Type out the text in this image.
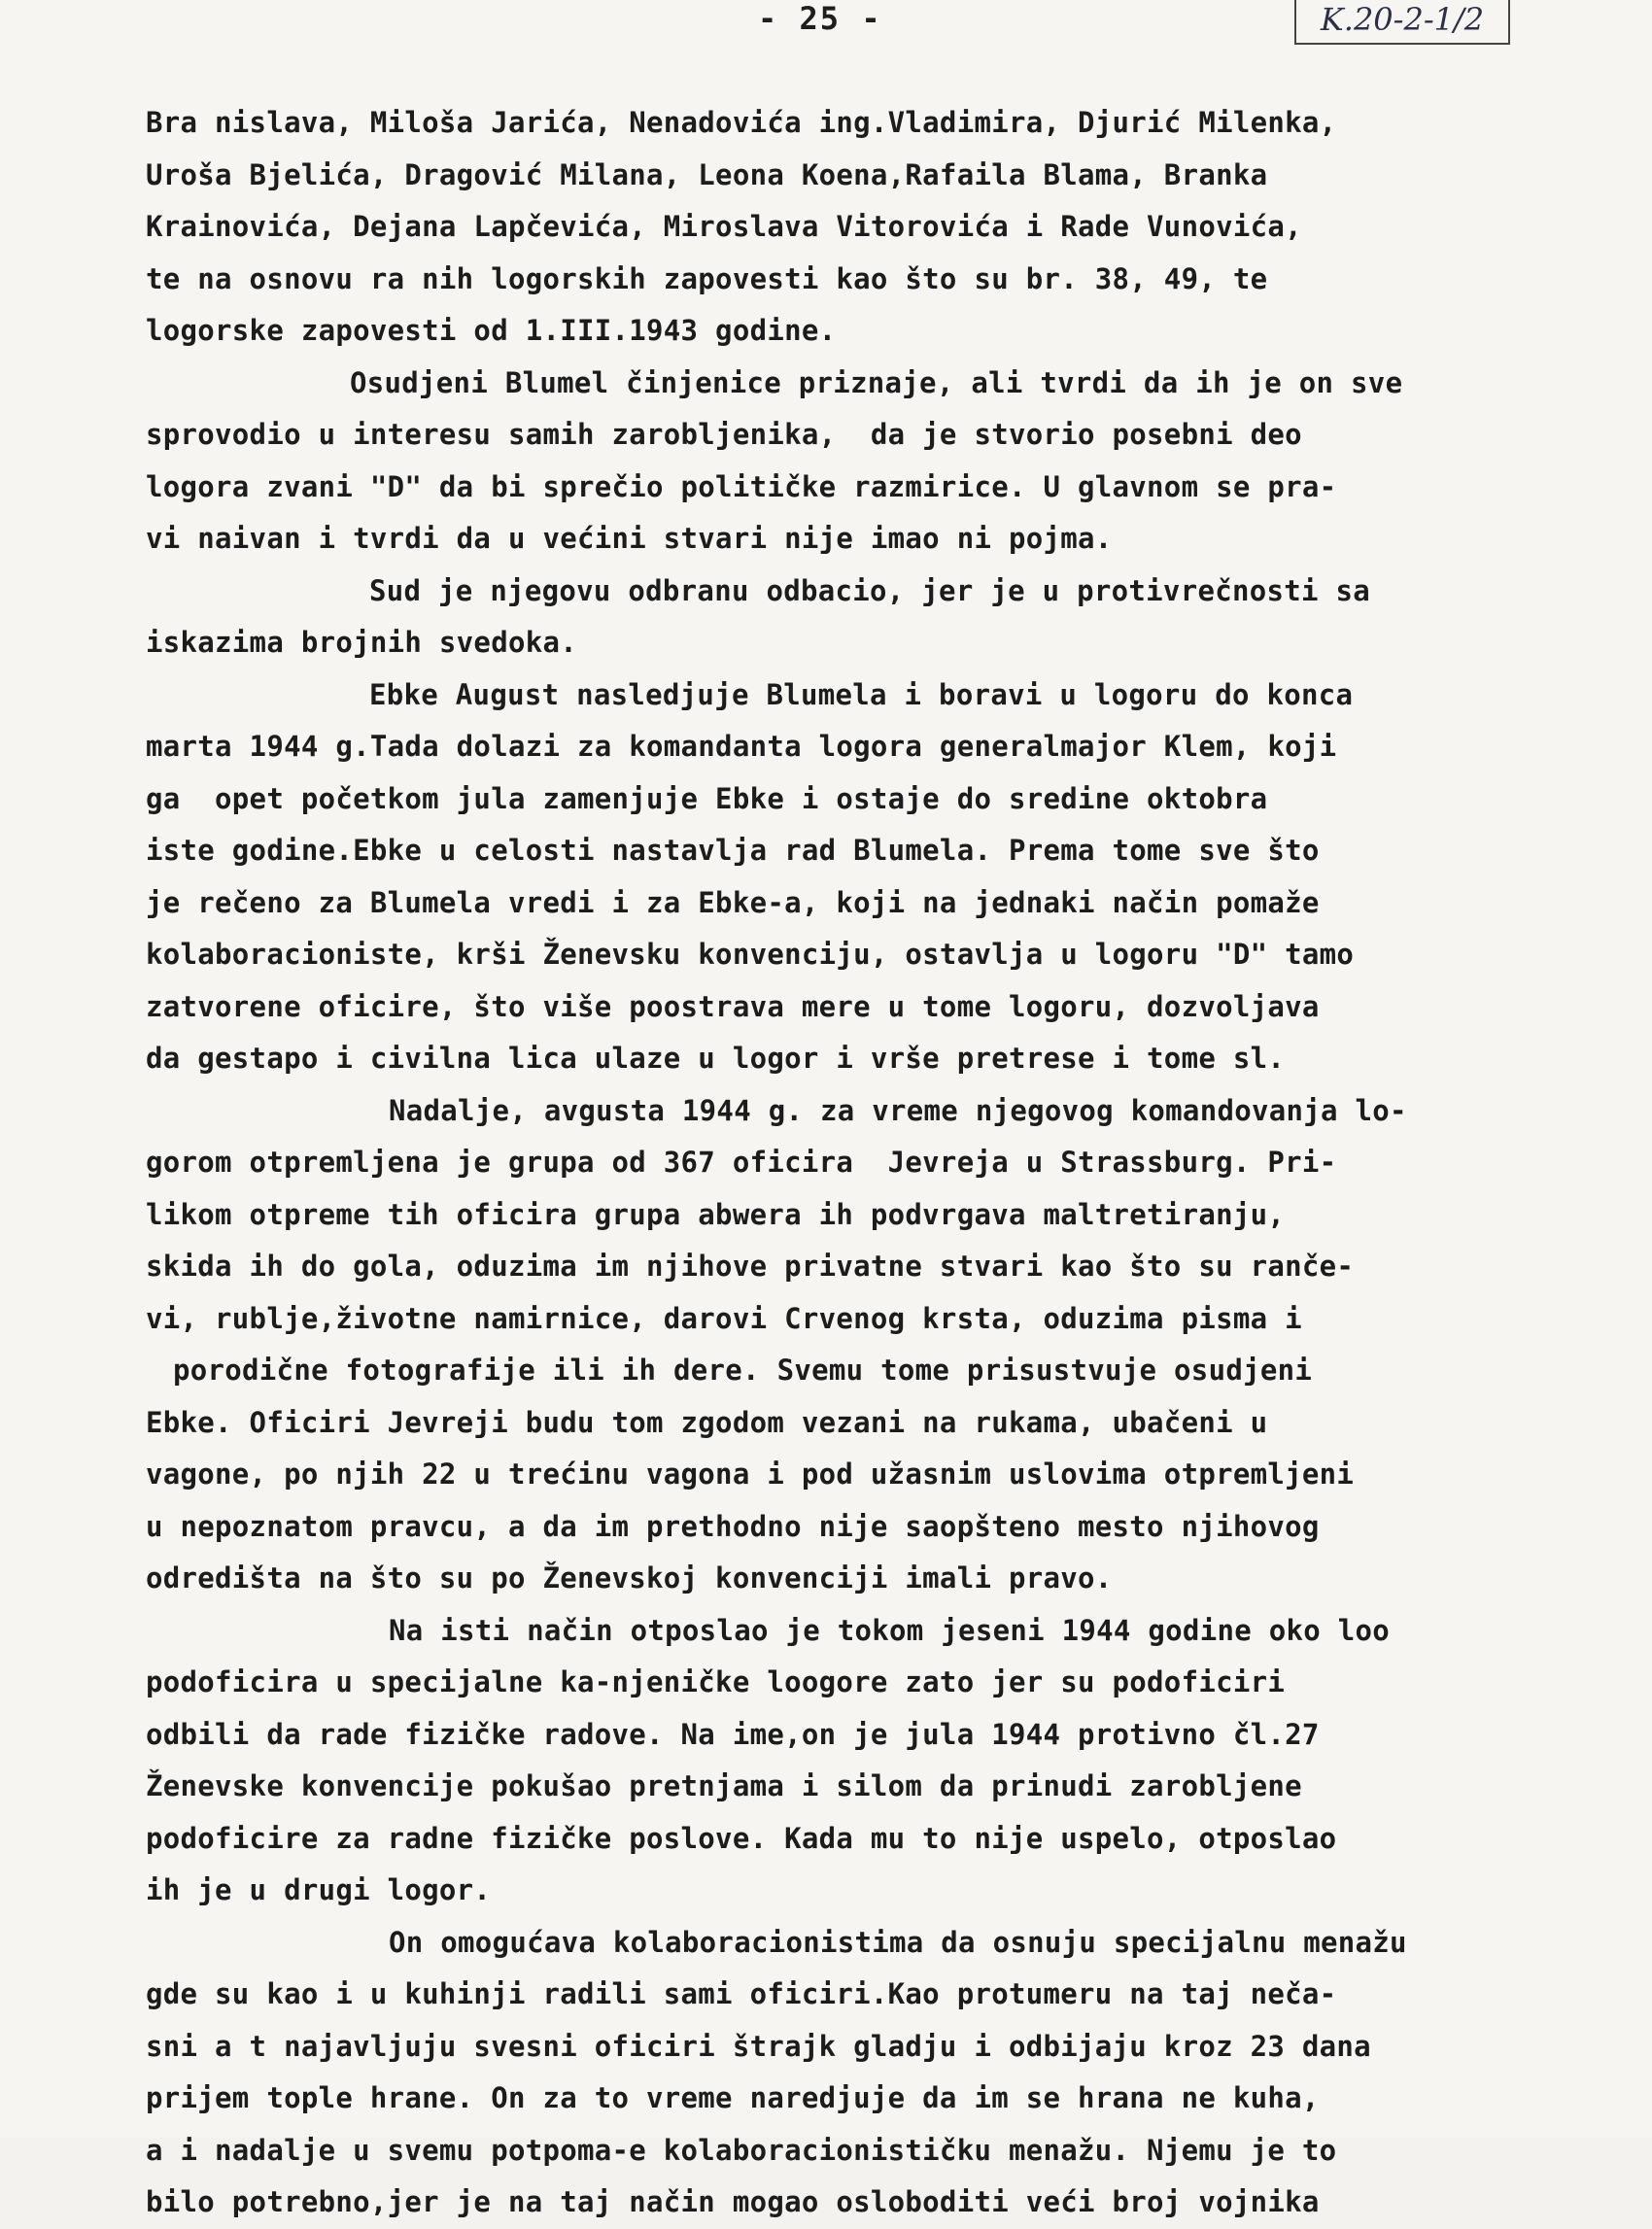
- 25 -	K.20-2-1/2
Bra nislava, Miloša Jarića, Nenadovića ing.Vladimira, Djurić Milenka,
Uroša Bjelića, Dragović Milana, Leona Koena,Rafaila Blama, Branka
Krainovića, Dejana Lapčevića, Miroslava Vitorovića i Rade Vunovića,
te na osnovu ra nih logorskih zapovesti kao što su br. 38, 49, te
logorske zapovesti od 1.III.1943 godine.
Osudjeni Blumel činjenice priznaje, ali tvrdi da ih je on sve
sprovodio u interesu samih zarobljenika,  da je stvorio posebni deo
logora zvani "D" da bi sprečio političke razmirice. U glavnom se pra-
vi naivan i tvrdi da u većini stvari nije imao ni pojma.
Sud je njegovu odbranu odbacio, jer je u protivrečnosti sa
iskazima brojnih svedoka.
Ebke August nasledjuje Blumela i boravi u logoru do konca
marta 1944 g.Tada dolazi za komandanta logora generalmajor Klem, koji
ga  opet početkom jula zamenjuje Ebke i ostaje do sredine oktobra
iste godine.Ebke u celosti nastavlja rad Blumela. Prema tome sve što
je rečeno za Blumela vredi i za Ebke-a, koji na jednaki način pomaže
kolaboracioniste, krši Ženevsku konvenciju, ostavlja u logoru "D" tamo
zatvorene oficire, što više poostrava mere u tome logoru, dozvoljava
da gestapo i civilna lica ulaze u logor i vrše pretrese i tome sl.
Nadalje, avgusta 1944 g. za vreme njegovog komandovanja lo-
gorom otpremljena je grupa od 367 oficira  Jevreja u Strassburg. Pri-
likom otpreme tih oficira grupa abwera ih podvrgava maltretiranju,
skida ih do gola, oduzima im njihove privatne stvari kao što su ranče-
vi, rublje,životne namirnice, darovi Crvenog krsta, oduzima pisma i
porodične fotografije ili ih dere. Svemu tome prisustvuje osudjeni
Ebke. Oficiri Jevreji budu tom zgodom vezani na rukama, ubačeni u
vagone, po njih 22 u trećinu vagona i pod užasnim uslovima otpremljeni
u nepoznatom pravcu, a da im prethodno nije saopšteno mesto njihovog
odredišta na što su po Ženevskoj konvenciji imali pravo.
Na isti način otposlao je tokom jeseni 1944 godine oko loo
podoficira u specijalne ka-njeničke loogore zato jer su podoficiri
odbili da rade fizičke radove. Na ime,on je jula 1944 protivno čl.27
Ženevske konvencije pokušao pretnjama i silom da prinudi zarobljene
podoficire za radne fizičke poslove. Kada mu to nije uspelo, otposlao
ih je u drugi logor.
On omogućava kolaboracionistima da osnuju specijalnu menažu
gde su kao i u kuhinji radili sami oficiri.Kao protumeru na taj neča-
sni a t najavljuju svesni oficiri štrajk gladju i odbijaju kroz 23 dana
prijem tople hrane. On za to vreme naredjuje da im se hrana ne kuha,
a i nadalje u svemu potpoma-e kolaboracionističku menažu. Njemu je to
bilo potrebno,jer je na taj način mogao osloboditi veći broj vojnika
